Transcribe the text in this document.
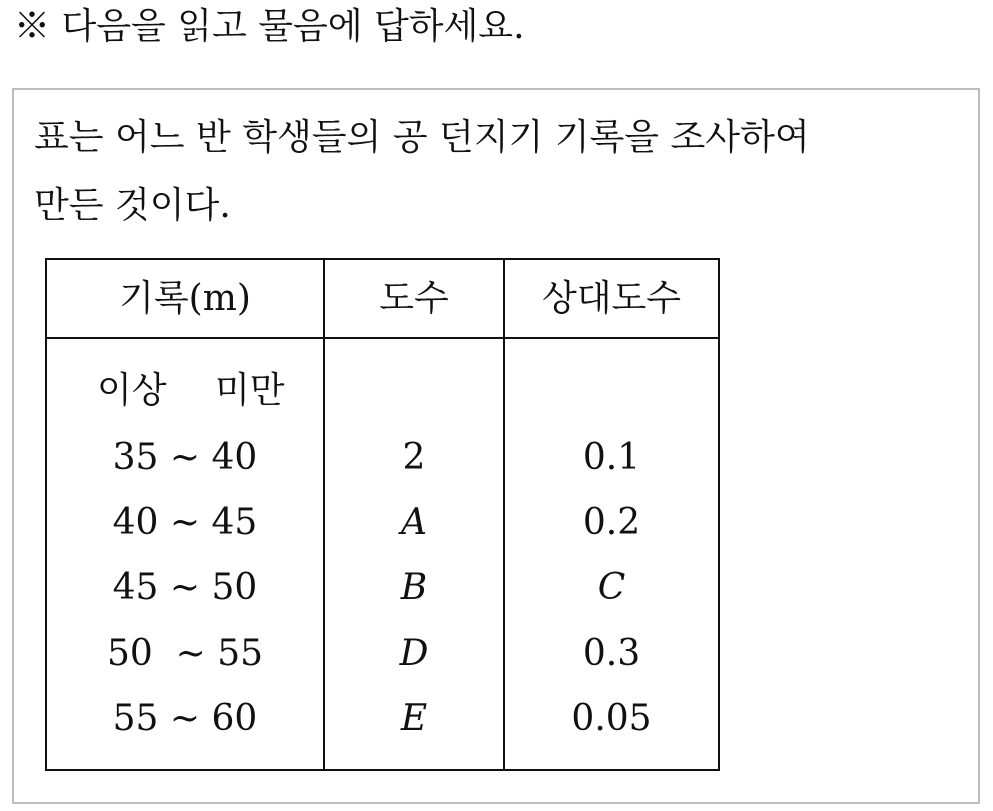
※ 다음을 읽고 물음에 답하세요.
표는 어느 반 학생들의 공 던지기 기록을 조사하여
만든 것이다.
기록(m)	도수	상대도수
이상 미만
35 ~ 40	2	0.1
40 ~ 45	A	0.2
45 ~ 50	B	C
50  ~ 55	D	0.3
55 ~ 60	E	0.05
